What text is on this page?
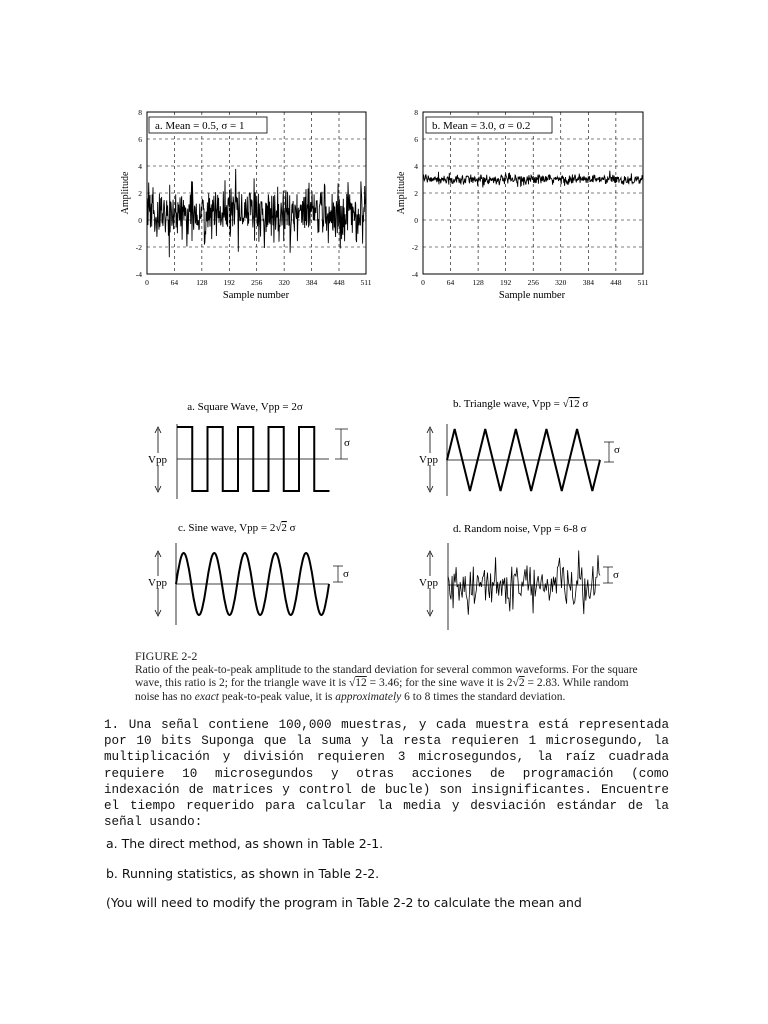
8
6
4
2
0
-2
-4
0	64 128 192 256 320 384 448 511
a. Mean = 0.5, σ = 1
Amplitude
Sample number
8
6
4
2
0
-2
-4
0	64 128 192 256 320 384 448 511
b. Mean = 3.0, σ = 0.2
Amplitude
Sample number
a. Square Wave, Vpp = 2σ
Vpp
σ
b. Triangle wave, Vpp = √12 σ
Vpp
σ
c. Sine wave, Vpp = 2√2 σ
Vpp
σ
d. Random noise, Vpp = 6-8 σ
Vpp
σ
FIGURE 2-2
Ratio of the peak-to-peak amplitude to the standard deviation for several common waveforms. For the square wave, this ratio is 2; for the triangle wave it is √12 = 3.46; for the sine wave it is 2√2 = 2.83. While random noise has no exact peak-to-peak value, it is approximately 6 to 8 times the standard deviation.
1. Una señal contiene 100,000 muestras, y cada muestra está representada por 10 bits Suponga que la suma y la resta requieren 1 microsegundo, la multiplicación y división requieren 3 microsegundos, la raíz cuadrada requiere 10 microsegundos y otras acciones de programación (como indexación de matrices y control de bucle) son insignificantes. Encuentre el tiempo requerido para calcular la media y desviación estándar de la señal usando:
a. The direct method, as shown in Table 2-1.
b. Running statistics, as shown in Table 2-2.
(You will need to modify the program in Table 2-2 to calculate the mean and
